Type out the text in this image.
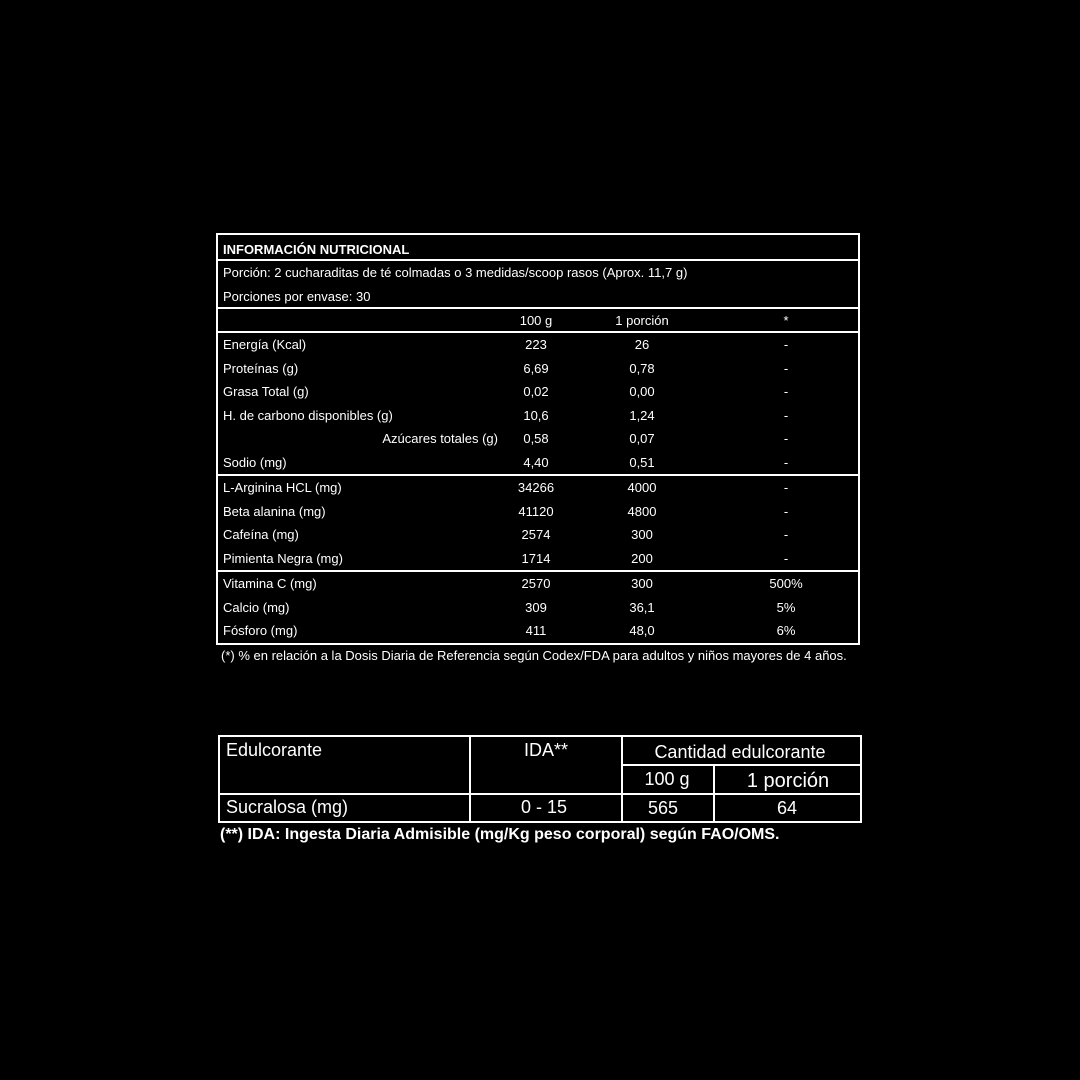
INFORMACIÓN NUTRICIONAL
Porción: 2 cucharaditas de té colmadas o 3 medidas/scoop rasos (Aprox. 11,7 g)
Porciones por envase: 30
100 g	1 porción	*
Energía (Kcal)	223	26	-
Proteínas (g)	6,69	0,78	-
Grasa Total (g)	0,02	0,00	-
H. de carbono disponibles (g)	10,6	1,24	-
Azúcares totales (g) 0,58	0,07	-
Sodio (mg)	4,40	0,51	-
L-Arginina HCL (mg)	34266	4000	-
Beta alanina (mg)	41120	4800	-
Cafeína (mg)	2574	300	-
Pimienta Negra (mg)	1714	200	-
Vitamina C (mg)	2570	300	500%
Calcio (mg)	309	36,1	5%
Fósforo (mg)	411	48,0	6%
(*) % en relación a la Dosis Diaria de Referencia según Codex/FDA para adultos y niños mayores de 4 años.
Edulcorante	IDA**	Cantidad edulcorante
100 g	1 porción
Sucralosa (mg)	0 - 15	565	64
(**) IDA: Ingesta Diaria Admisible (mg/Kg peso corporal) según FAO/OMS.
